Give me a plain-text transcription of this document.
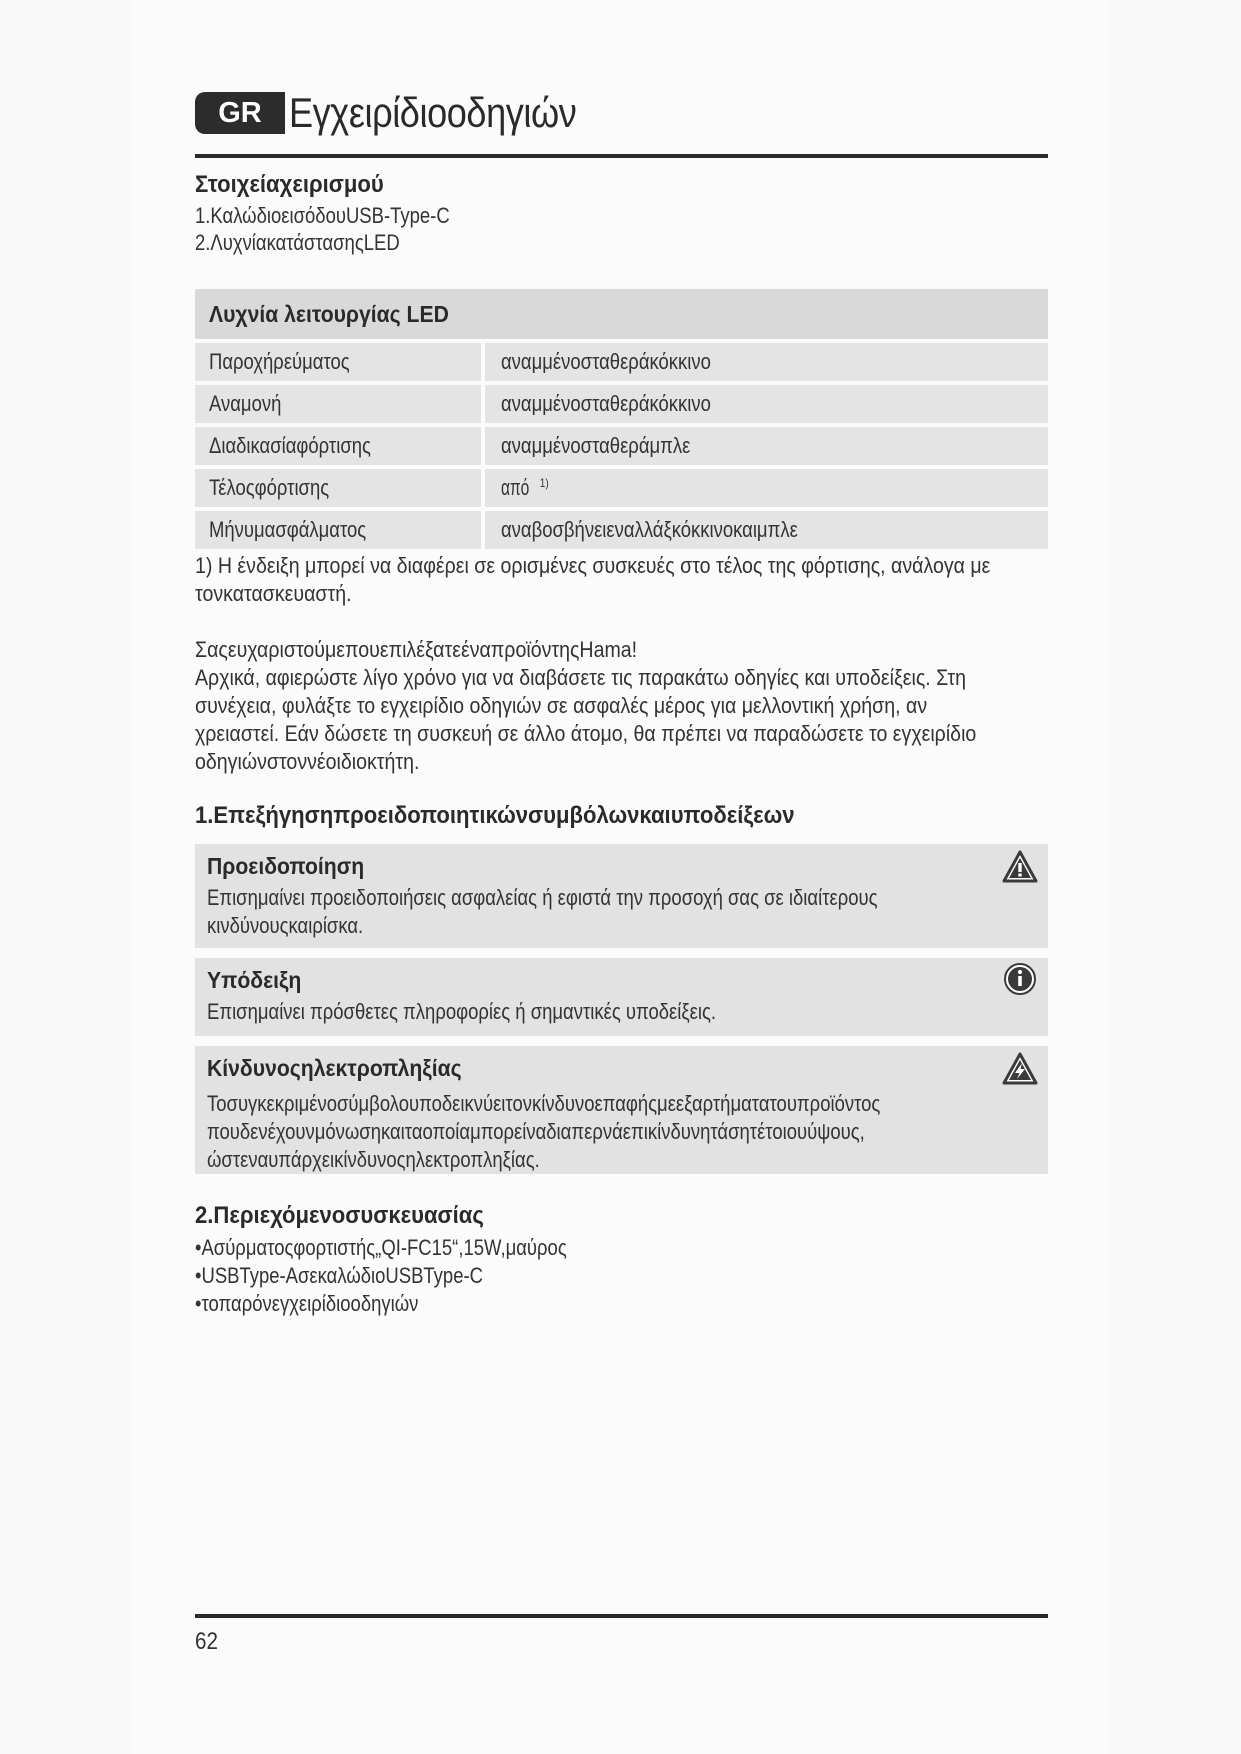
GR Εγχειρίδιοοδηγιών
Στοιχείαχειρισμού
1.ΚαλώδιοεισόδουUSB-Type-C
2.ΛυχνίακατάστασηςLED
Λυχνία λειτουργίας LED
Παροχήρεύματος	αναμμένοσταθεράκόκκινο
Αναμονή	αναμμένοσταθεράκόκκινο
Διαδικασίαφόρτισης	αναμμένοσταθεράμπλε
Τέλοςφόρτισης	από $^{1)}$
Μήνυμασφάλματος	αναβοσβήνειεναλλάξκόκκινοκαιμπλε
1) Η ένδειξη μπορεί να διαφέρει σε ορισμένες συσκευές στο τέλος της φόρτισης, ανάλογα με
τονκατασκευαστή.
ΣαςευχαριστούμεπουεπιλέξατεέναπροϊόντηςHama!
Αρχικά, αφιερώστε λίγο χρόνο για να διαβάσετε τις παρακάτω οδηγίες και υποδείξεις. Στη
συνέχεια, φυλάξτε το εγχειρίδιο οδηγιών σε ασφαλές μέρος για μελλοντική χρήση, αν
χρειαστεί. Εάν δώσετε τη συσκευή σε άλλο άτομο, θα πρέπει να παραδώσετε το εγχειρίδιο
οδηγιώνστοννέοιδιοκτήτη.
1.Επεξήγησηπροειδοποιητικώνσυμβόλωνκαιυποδείξεων
Προειδοποίηση
Επισημαίνει προειδοποιήσεις ασφαλείας ή εφιστά την προσοχή σας σε ιδιαίτερους
κινδύνουςκαιρίσκα.
Υπόδειξη
Επισημαίνει πρόσθετες πληροφορίες ή σημαντικές υποδείξεις.
Κίνδυνοςηλεκτροπληξίας
Τοσυγκεκριμένοσύμβολουποδεικνύειτονκίνδυνοεπαφήςμεεξαρτήματατουπροϊόντος
πουδενέχουνμόνωσηκαιταοποίαμπορείναδιαπερνάεπικίνδυνητάσητέτοιουύψους,
ώστεναυπάρχεικίνδυνοςηλεκτροπληξίας.
2.Περιεχόμενοσυσκευασίας
•Ασύρματοςφορτιστής„QI-FC15“,15W,μαύρος
•USBType-ΑσεκαλώδιοUSBType-C
•τοπαρόνεγχειρίδιοοδηγιών
62
